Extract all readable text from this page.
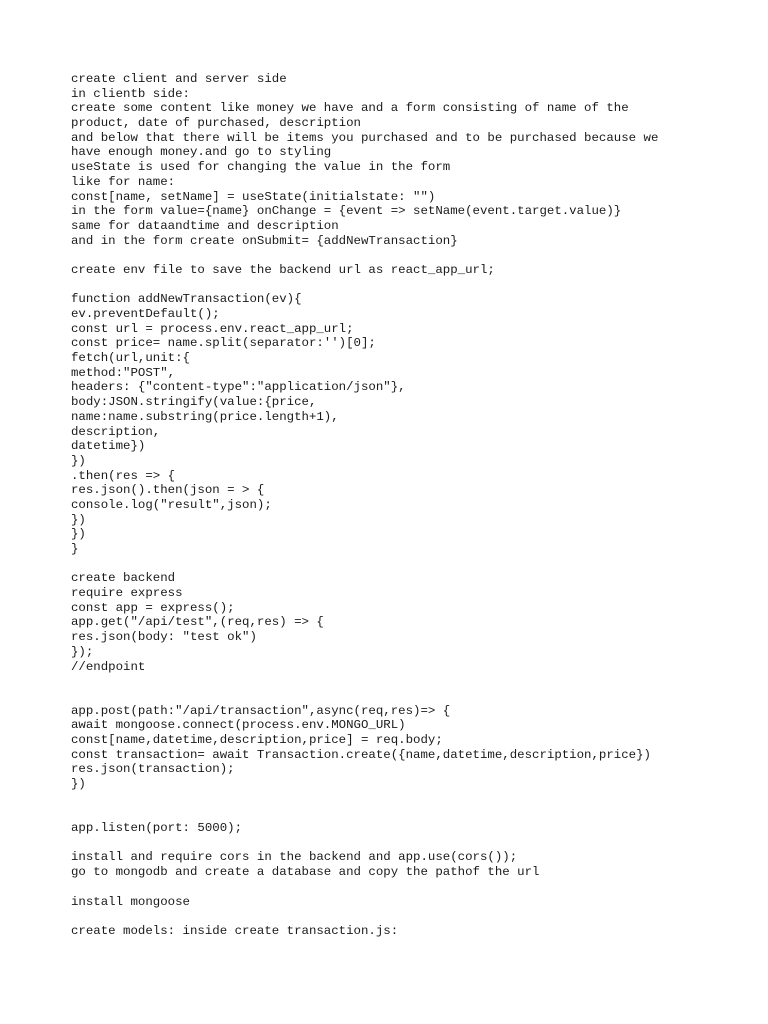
create client and server side
in clientb side:
create some content like money we have and a form consisting of name of the
product, date of purchased, description
and below that there will be items you purchased and to be purchased because we
have enough money.and go to styling
useState is used for changing the value in the form
like for name:
const[name, setName] = useState(initialstate: "")
in the form value={name} onChange = {event => setName(event.target.value)}
same for dataandtime and description
and in the form create onSubmit= {addNewTransaction}
create env file to save the backend url as react_app_url;
function addNewTransaction(ev){
ev.preventDefault();
const url = process.env.react_app_url;
const price= name.split(separator:'')[0];
fetch(url,unit:{
method:"POST",
headers: {"content-type":"application/json"},
body:JSON.stringify(value:{price,
name:name.substring(price.length+1),
description,
datetime})
})
.then(res => {
res.json().then(json = > {
console.log("result",json);
})
})
}
create backend
require express
const app = express();
app.get("/api/test",(req,res) => {
res.json(body: "test ok")
});
//endpoint
app.post(path:"/api/transaction",async(req,res)=> {
await mongoose.connect(process.env.MONGO_URL)
const[name,datetime,description,price] = req.body;
const transaction= await Transaction.create({name,datetime,description,price})
res.json(transaction);
})
app.listen(port: 5000);
install and require cors in the backend and app.use(cors());
go to mongodb and create a database and copy the pathof the url
install mongoose
create models: inside create transaction.js:
